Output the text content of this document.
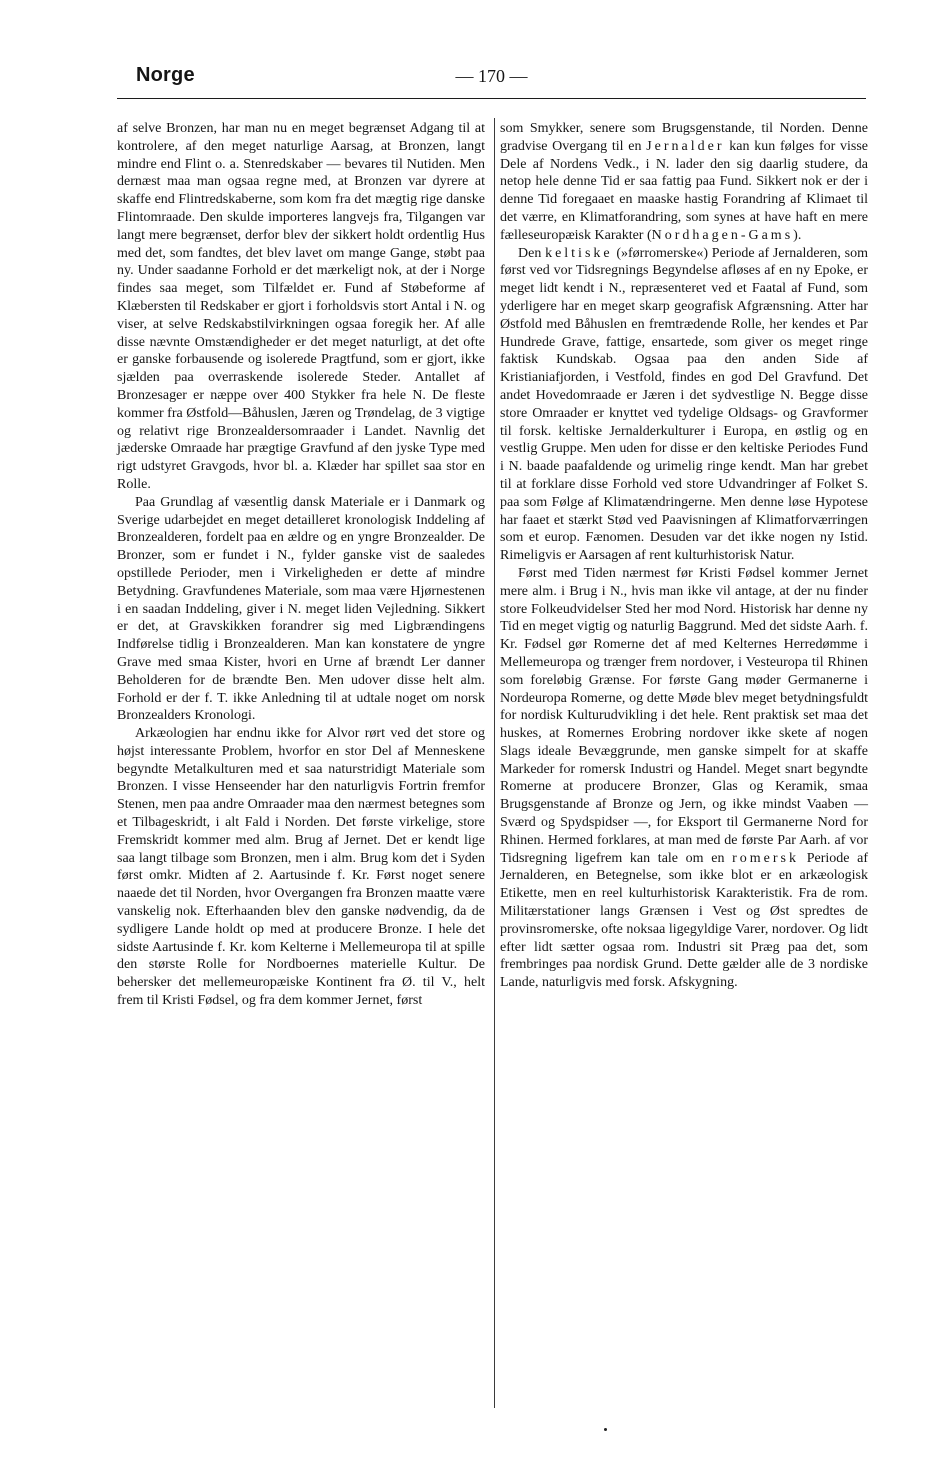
Norge	— 170 —

af selve Bronzen, har man nu en meget begrænset Adgang til at kontrolere, af den meget naturlige Aarsag, at Bronzen, langt mindre end Flint o. a. Stenredskaber — bevares til Nutiden. Men dernæst maa man ogsaa regne med, at Bronzen var dyrere at skaffe end Flintredskaberne, som kom fra det mægtig rige danske Flintomraade. Den skulde importeres langvejs fra, Tilgangen var langt mere begrænset, derfor blev der sikkert holdt ordentlig Hus med det, som fandtes, det blev lavet om mange Gange, støbt paa ny. Under saadanne Forhold er det mærkeligt nok, at der i Norge findes saa meget, som Tilfældet er. Fund af Støbeforme af Klæbersten til Redskaber er gjort i forholdsvis stort Antal i N. og viser, at selve Redskabstilvirkningen ogsaa foregik her. Af alle disse nævnte Omstændigheder er det meget naturligt, at det ofte er ganske forbausende og isolerede Pragtfund, som er gjort, ikke sjælden paa overraskende isolerede Steder. Antallet af Bronzesager er næppe over 400 Stykker fra hele N. De fleste kommer fra Østfold—Båhuslen, Jæren og Trøndelag, de 3 vigtige og relativt rige Bronzealdersomraader i Landet. Navnlig det jæderske Omraade har prægtige Gravfund af den jyske Type med rigt udstyret Gravgods, hvor bl. a. Klæder har spillet saa stor en Rolle.

Paa Grundlag af væsentlig dansk Materiale er i Danmark og Sverige udarbejdet en meget detailleret kronologisk Inddeling af Bronzealderen, fordelt paa en ældre og en yngre Bronzealder. De Bronzer, som er fundet i N., fylder ganske vist de saaledes opstillede Perioder, men i Virkeligheden er dette af mindre Betydning. Gravfundenes Materiale, som maa være Hjørnestenen i en saadan Inddeling, giver i N. meget liden Vejledning. Sikkert er det, at Gravskikken forandrer sig med Ligbrændingens Indførelse tidlig i Bronzealderen. Man kan konstatere de yngre Grave med smaa Kister, hvori en Urne af brændt Ler danner Beholderen for de brændte Ben. Men udover disse helt alm. Forhold er der f. T. ikke Anledning til at udtale noget om norsk Bronzealders Kronologi.

Arkæologien har endnu ikke for Alvor rørt ved det store og højst interessante Problem, hvorfor en stor Del af Menneskene begyndte Metalkulturen med et saa naturstridigt Materiale som Bronzen. I visse Henseender har den naturligvis Fortrin fremfor Stenen, men paa andre Omraader maa den nærmest betegnes som et Tilbageskridt, i alt Fald i Norden. Det første virkelige, store Fremskridt kommer med alm. Brug af Jernet. Det er kendt lige saa langt tilbage som Bronzen, men i alm. Brug kom det i Syden først omkr. Midten af 2. Aartusinde f. Kr. Først noget senere naaede det til Norden, hvor Overgangen fra Bronzen maatte være vanskelig nok. Efterhaanden blev den ganske nødvendig, da de sydligere Lande holdt op med at producere Bronze. I hele det sidste Aartusinde f. Kr. kom Kelterne i Mellemeuropa til at spille den største Rolle for Nordboernes materielle Kultur. De behersker det mellemeuropæiske Kontinent fra Ø. til V., helt frem til Kristi Fødsel, og fra dem kommer Jernet, først

som Smykker, senere som Brugsgenstande, til Norden. Denne gradvise Overgang til en Jernalder kan kun følges for visse Dele af Nordens Vedk., i N. lader den sig daarlig studere, da netop hele denne Tid er saa fattig paa Fund. Sikkert nok er der i denne Tid foregaaet en maaske hastig Forandring af Klimaet til det værre, en Klimatforandring, som synes at have haft en mere fælleseuropæisk Karakter (Nordhagen-Gams).

Den keltiske (»førromerske«) Periode af Jernalderen, som først ved vor Tidsregnings Begyndelse afløses af en ny Epoke, er meget lidt kendt i N., repræsenteret ved et Faatal af Fund, som yderligere har en meget skarp geografisk Afgrænsning. Atter har Østfold med Båhuslen en fremtrædende Rolle, her kendes et Par Hundrede Grave, fattige, ensartede, som giver os meget ringe faktisk Kundskab. Ogsaa paa den anden Side af Kristianiafjorden, i Vestfold, findes en god Del Gravfund. Det andet Hovedomraade er Jæren i det sydvestlige N. Begge disse store Omraader er knyttet ved tydelige Oldsags- og Gravformer til forsk. keltiske Jernalderkulturer i Europa, en østlig og en vestlig Gruppe. Men uden for disse er den keltiske Periodes Fund i N. baade paafaldende og urimelig ringe kendt. Man har grebet til at forklare disse Forhold ved store Udvandringer af Folket S. paa som Følge af Klimatændringerne. Men denne løse Hypotese har faaet et stærkt Stød ved Paavisningen af Klimatforværringen som et europ. Fænomen. Desuden var det ikke nogen ny Istid. Rimeligvis er Aarsagen af rent kulturhistorisk Natur.

Først med Tiden nærmest før Kristi Fødsel kommer Jernet mere alm. i Brug i N., hvis man ikke vil antage, at der nu finder store Folkeudvidelser Sted her mod Nord. Historisk har denne ny Tid en meget vigtig og naturlig Baggrund. Med det sidste Aarh. f. Kr. Fødsel gør Romerne det af med Kelternes Herredømme i Mellemeuropa og trænger frem nordover, i Vesteuropa til Rhinen som foreløbig Grænse. For første Gang møder Germanerne i Nordeuropa Romerne, og dette Møde blev meget betydningsfuldt for nordisk Kulturudvikling i det hele. Rent praktisk set maa det huskes, at Romernes Erobring nordover ikke skete af nogen Slags ideale Bevæggrunde, men ganske simpelt for at skaffe Markeder for romersk Industri og Handel. Meget snart begyndte Romerne at producere Bronzer, Glas og Keramik, smaa Brugsgenstande af Bronze og Jern, og ikke mindst Vaaben — Sværd og Spydspidser —, for Eksport til Germanerne Nord for Rhinen. Hermed forklares, at man med de første Par Aarh. af vor Tidsregning ligefrem kan tale om en romersk Periode af Jernalderen, en Betegnelse, som ikke blot er en arkæologisk Etikette, men en reel kulturhistorisk Karakteristik. Fra de rom. Militærstationer langs Grænsen i Vest og Øst spredtes de provinsromerske, ofte noksaa ligegyldige Varer, nordover. Og lidt efter lidt sætter ogsaa rom. Industri sit Præg paa det, som frembringes paa nordisk Grund. Dette gælder alle de 3 nordiske Lande, naturligvis med forsk. Afskygning.
